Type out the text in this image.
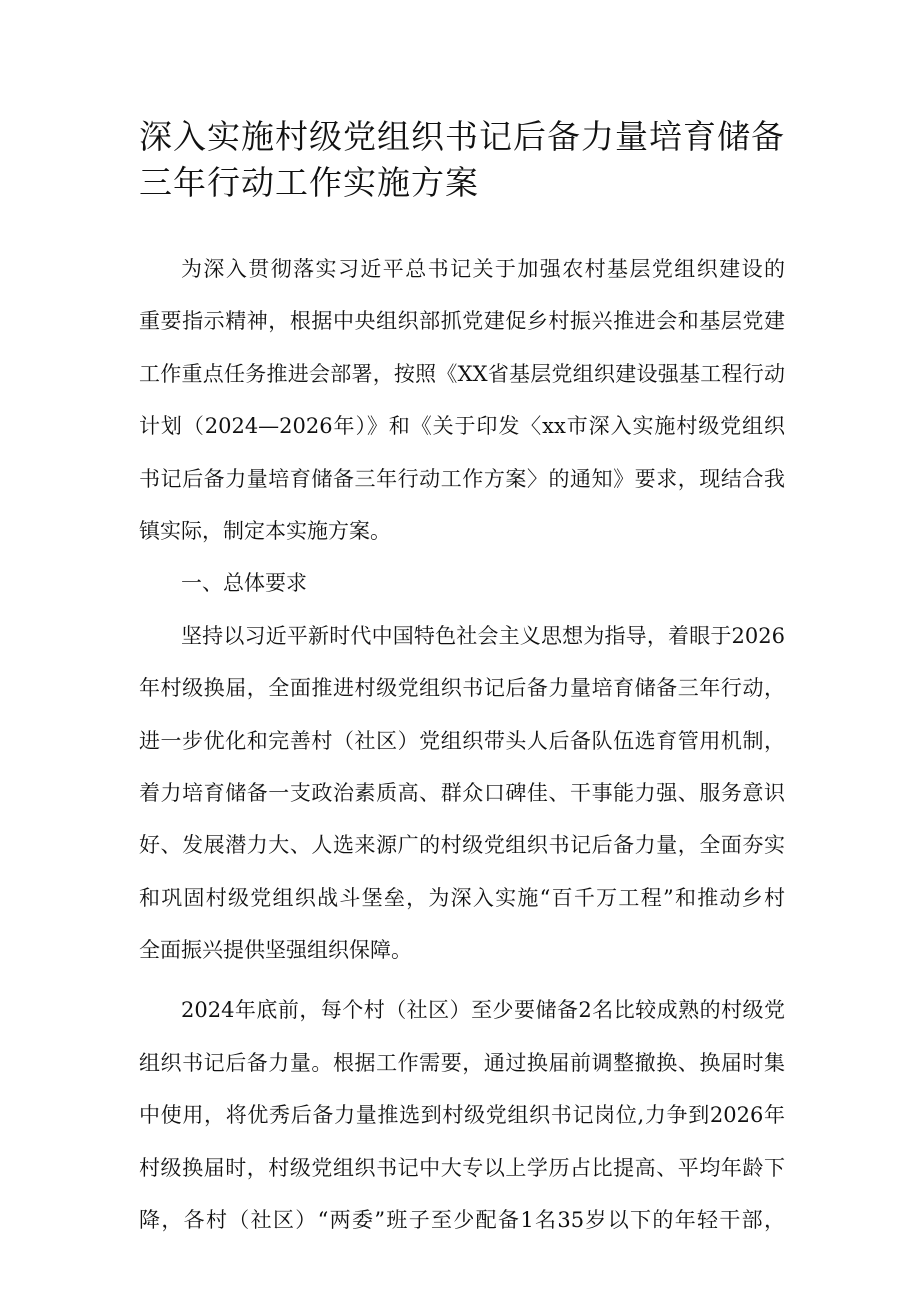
深入实施村级党组织书记后备力量培育储备
三年行动工作实施方案
为深入贯彻落实习近平总书记关于加强农村基层党组织建设的
重要指示精神，根据中央组织部抓党建促乡村振兴推进会和基层党建
工作重点任务推进会部署，按照《XX省基层党组织建设强基工程行动
计划（2024—2026年）》和《关于印发〈xx市深入实施村级党组织
书记后备力量培育储备三年行动工作方案〉的通知》要求，现结合我
镇实际，制定本实施方案。
一、总体要求
坚持以习近平新时代中国特色社会主义思想为指导，着眼于2026
年村级换届，全面推进村级党组织书记后备力量培育储备三年行动，
进一步优化和完善村（社区）党组织带头人后备队伍选育管用机制，
着力培育储备一支政治素质高、群众口碑佳、干事能力强、服务意识
好、发展潜力大、人选来源广的村级党组织书记后备力量，全面夯实
和巩固村级党组织战斗堡垒，为深入实施“百千万工程”和推动乡村
全面振兴提供坚强组织保障。
2024年底前，每个村（社区）至少要储备2名比较成熟的村级党
组织书记后备力量。根据工作需要，通过换届前调整撤换、换届时集
中使用，将优秀后备力量推选到村级党组织书记岗位,力争到2026年
村级换届时，村级党组织书记中大专以上学历占比提高、平均年龄下
降，各村（社区）“两委”班子至少配备1名35岁以下的年轻干部，
